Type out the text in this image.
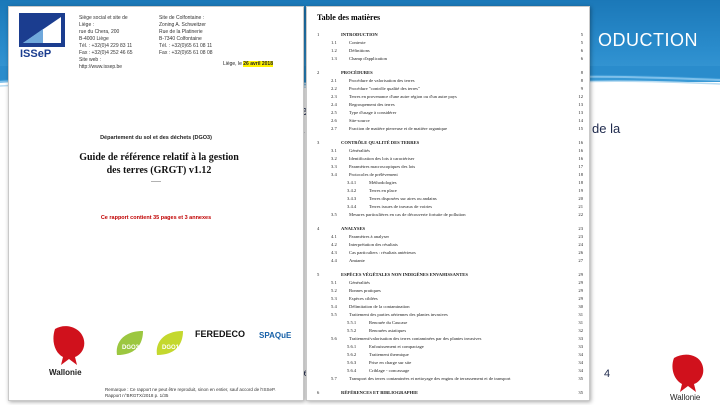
ODUCTION
de la
4
Wallonie
ISSeP
Siège social et site de Liège :
rue du Chera, 200
B-4000 Liège
Tél. : +32(0)4 229 83 11
Fax : +32(0)4 252 46 65
Site web : http://www.issep.be
Site de Colfontaine :
Zoning A. Schweitzer
Rue de la Platinerie
B-7340 Colfontaine
Tél. : +32(0)65 61 08 11
Fax : +32(0)65 61 08 08
Liège, le 26 avril 2018
Département du sol et des déchets (DGO3)
Guide de référence relatif à la gestion des terres (GRGT) v1.12
-----
Ce rapport contient 35 pages et 3 annexes
Wallonie
DGO3	DGO1
FEREDECO SPAQuE
Remarque : Ce rapport ne peut être reproduit, sinon en entier, sauf accord de l'ISSeP.
Rapport n°BRGTX/2018 p. 1/35
Table des matières
1	INTRODUCTION	5
1.1	Contexte	5
1.2	Définitions	6
1.3	Champ d'application	6
2	PROCÉDURES	8
2.1	Procédure de valorisation des terres	8
2.2	Procédure "contrôle qualité des terres"	9
2.3	Terres en provenance d'une autre région ou d'un autre pays	12
2.4	Regroupement des terres	13
2.5	Type d'usage à considérer	13
2.6	Site-source	14
2.7	Fraction de matière pierreuse et de matière organique	15
3	CONTRÔLE QUALITÉ DES TERRES	16
3.1	Généralités	16
3.2	Identification des lots à caractériser	16
3.3	Paramètres macroscopiques des lots	17
3.4	Protocoles de prélèvement	18
3.4.1	Méthodologies	18
3.4.2	Terres en place	19
3.4.3	Terres disposées sur aires ou andains	20
3.4.4	Terres issues de travaux de voiries	21
3.5	Mesures particulières en cas de découverte fortuite de pollution	22
4	ANALYSES	23
4.1	Paramètres à analyser	23
4.2	Interprétation des résultats	24
4.3	Cas particuliers : résultats antérieurs	26
4.4	Amiante	27
5	ESPÈCES VÉGÉTALES NON INDIGÈNES ENVAHISSANTES	29
5.1	Généralités	29
5.2	Bonnes pratiques	29
5.3	Espèces ciblées	29
5.4	Délimitation de la contamination	30
5.5	Traitement des parties aériennes des plantes invasives	31
5.5.1	Renouée du Caucase	31
5.5.2	Renouées asiatiques	32
5.6	Traitement/valorisation des terres contaminées par des plantes invasives	33
5.6.1	Enfouissement et compactage	33
5.6.2	Traitement thermique	34
5.6.3	Prise en charge sur site	34
5.6.4	Criblage - concassage	34
5.7	Transport des terres contaminées et nettoyage des engins de terrassement et de transport	35
6	RÉFÉRENCES ET BIBLIOGRAPHIE	35
